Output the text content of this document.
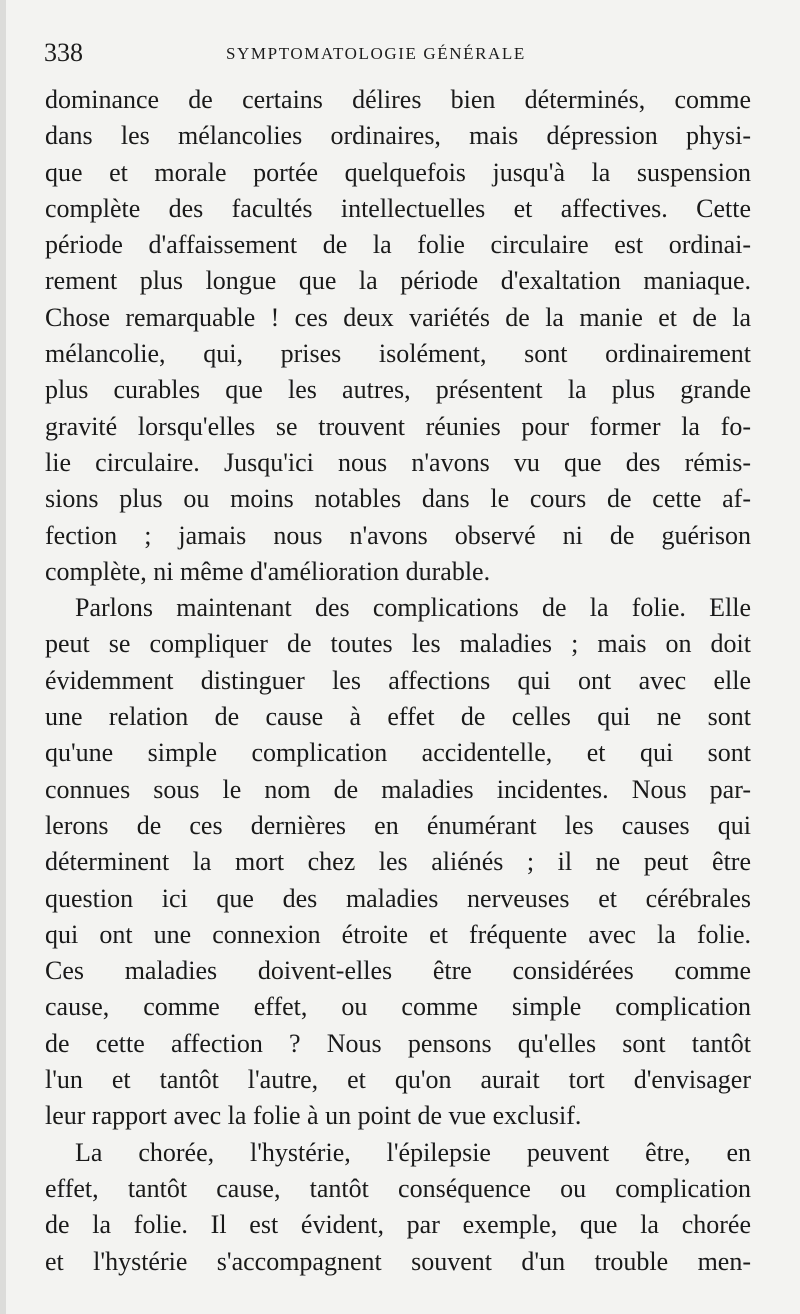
338	SYMPTOMATOLOGIE GÉNÉRALE
dominance de certains délires bien déterminés, comme
dans les mélancolies ordinaires, mais dépression physi-
que et morale portée quelquefois jusqu'à la suspension
complète des facultés intellectuelles et affectives. Cette
période d'affaissement de la folie circulaire est ordinai-
rement plus longue que la période d'exaltation maniaque.
Chose remarquable ! ces deux variétés de la manie et de la
mélancolie, qui, prises isolément, sont ordinairement
plus curables que les autres, présentent la plus grande
gravité lorsqu'elles se trouvent réunies pour former la fo-
lie circulaire. Jusqu'ici nous n'avons vu que des rémis-
sions plus ou moins notables dans le cours de cette af-
fection ; jamais nous n'avons observé ni de guérison
complète, ni même d'amélioration durable.
Parlons maintenant des complications de la folie. Elle
peut se compliquer de toutes les maladies ; mais on doit
évidemment distinguer les affections qui ont avec elle
une relation de cause à effet de celles qui ne sont
qu'une simple complication accidentelle, et qui sont
connues sous le nom de maladies incidentes. Nous par-
lerons de ces dernières en énumérant les causes qui
déterminent la mort chez les aliénés ; il ne peut être
question ici que des maladies nerveuses et cérébrales
qui ont une connexion étroite et fréquente avec la folie.
Ces maladies doivent-elles être considérées comme
cause, comme effet, ou comme simple complication
de cette affection ? Nous pensons qu'elles sont tantôt
l'un et tantôt l'autre, et qu'on aurait tort d'envisager
leur rapport avec la folie à un point de vue exclusif.
La chorée, l'hystérie, l'épilepsie peuvent être, en
effet, tantôt cause, tantôt conséquence ou complication
de la folie. Il est évident, par exemple, que la chorée
et l'hystérie s'accompagnent souvent d'un trouble men-
